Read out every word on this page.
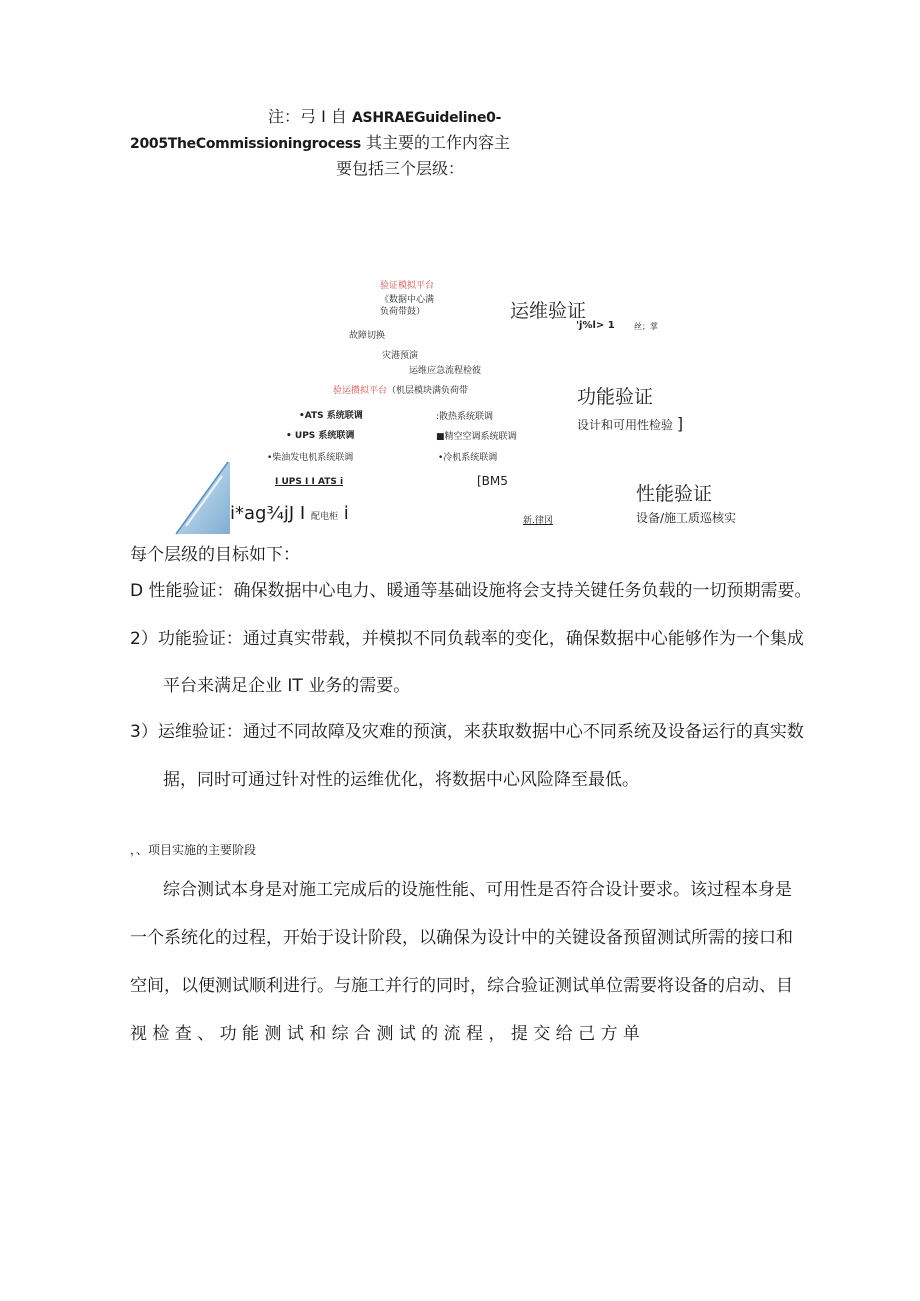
注：弓 I 自 ASHRAEGuideline0-
2005TheCommissioningrocess 其主要的工作内容主
要包括三个层级：
验证模拟平台
《数据中心满
负荷带鼓）	运维验证
'j%l> 1 丝；掌
故障切换
灾港预演
运维应急流程检彼
验运攒拟平台（机层模块满负荷带	功能验证
设计和可用性检验 ]
•ATS 系统联调
• UPS 系统联调
•柴油发电机系统联调
:散热系统联调
■精空空调系统联调
•冷机系统联调
I UPS I I ATS i	[BM5
性能验证
设备/施工质巡核实
i*ag¾jJ I 配电柜 i	新.律冈
每个层级的目标如下：
D 性能验证：确保数据中心电力、暖通等基础设施将会支持关键任务负载的一切预期需要。
2）功能验证：通过真实带载，并模拟不同负载率的变化，确保数据中心能够作为一个集成
平台来满足企业 IT 业务的需要。
3）运维验证：通过不同故障及灾难的预演，来获取数据中心不同系统及设备运行的真实数
据，同时可通过针对性的运维优化，将数据中心风险降至最低。
，、项目实施的主要阶段
综合测试本身是对施工完成后的设施性能、可用性是否符合设计要求。该过程本身是
一个系统化的过程，开始于设计阶段，以确保为设计中的关键设备预留测试所需的接口和
空间，以便测试顺利进行。与施工并行的同时，综合验证测试单位需要将设备的启动、目
视 检 查 、 功 能 测 试 和 综 合 测 试 的 流 程 ， 提 交 给 己 方 单
